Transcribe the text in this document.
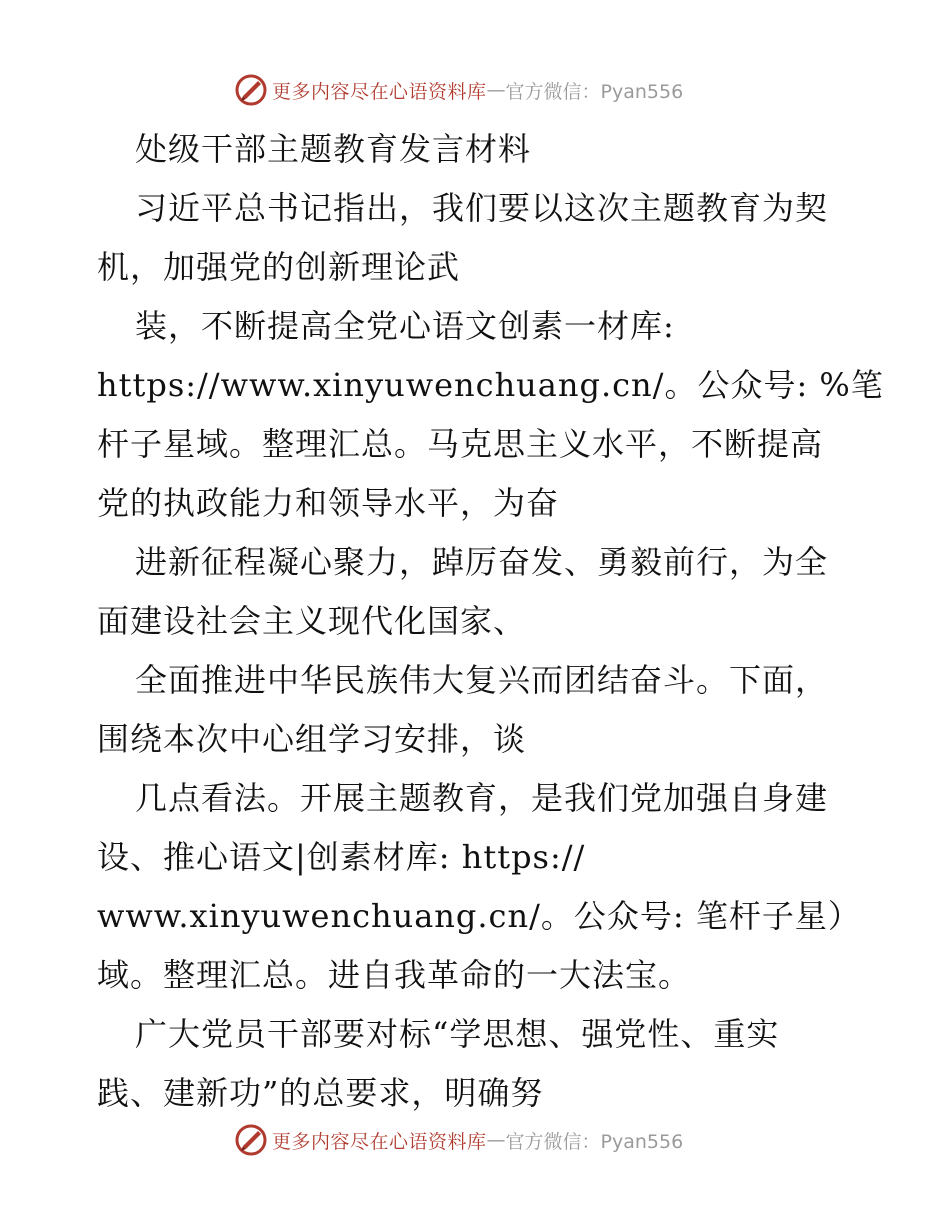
更多内容尽在心语资料库 — 官方微信：Pyan556
处级干部主题教育发言材料
习近平总书记指出，我们要以这次主题教育为契
机，加强党的创新理论武
装，不断提高全党心语文创素一材库:
https://www.xinyuwenchuang.cn/。公众号: %笔
杆子星域。整理汇总。马克思主义水平，不断提高
党的执政能力和领导水平，为奋
进新征程凝心聚力，踔厉奋发、勇毅前行，为全
面建设社会主义现代化国家、
全面推进中华民族伟大复兴而团结奋斗。下面，
围绕本次中心组学习安排，谈
几点看法。开展主题教育，是我们党加强自身建
设、推心语文|创素材库: https://
www.xinyuwenchuang.cn/。公众号: 笔杆子星）
域。整理汇总。进自我革命的一大法宝。
广大党员干部要对标“学思想、强党性、重实
践、建新功”的总要求，明确努
更多内容尽在心语资料库 — 官方微信：Pyan556
